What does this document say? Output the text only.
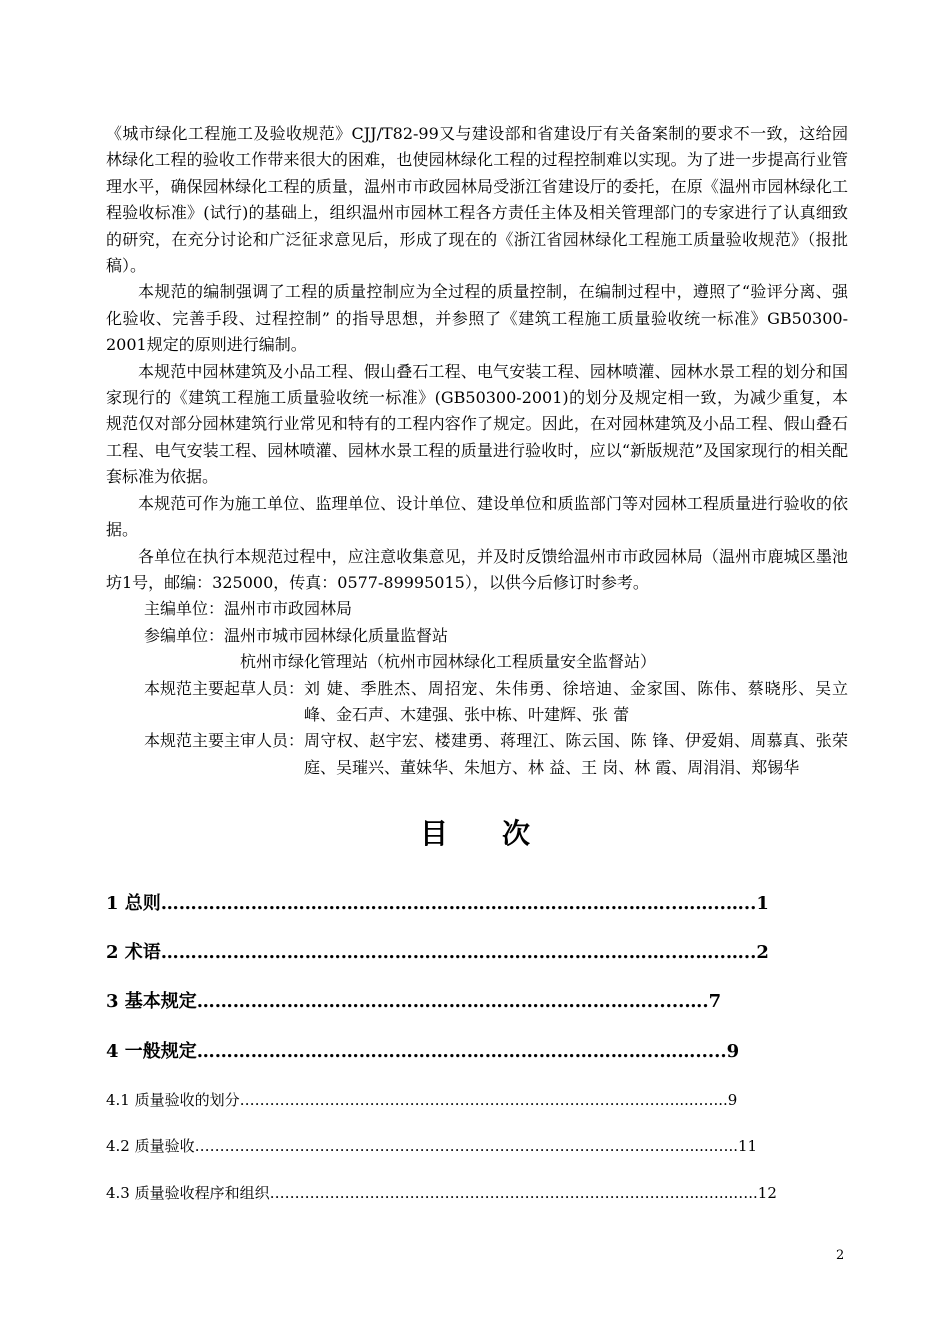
《城市绿化工程施工及验收规范》CJJ/T82-99又与建设部和省建设厅有关备案制的要求不一致，这给园林绿化工程的验收工作带来很大的困难，也使园林绿化工程的过程控制难以实现。为了进一步提高行业管理水平，确保园林绿化工程的质量，温州市市政园林局受浙江省建设厅的委托，在原《温州市园林绿化工程验收标准》(试行)的基础上，组织温州市园林工程各方责任主体及相关管理部门的专家进行了认真细致的研究，在充分讨论和广泛征求意见后，形成了现在的《浙江省园林绿化工程施工质量验收规范》（报批稿）。

本规范的编制强调了工程的质量控制应为全过程的质量控制，在编制过程中，遵照了“验评分离、强化验收、完善手段、过程控制” 的指导思想，并参照了《建筑工程施工质量验收统一标准》GB50300-2001规定的原则进行编制。

本规范中园林建筑及小品工程、假山叠石工程、电气安装工程、园林喷灌、园林水景工程的划分和国家现行的《建筑工程施工质量验收统一标准》(GB50300-2001)的划分及规定相一致，为减少重复，本规范仅对部分园林建筑行业常见和特有的工程内容作了规定。因此，在对园林建筑及小品工程、假山叠石工程、电气安装工程、园林喷灌、园林水景工程的质量进行验收时，应以“新版规范”及国家现行的相关配套标准为依据。

本规范可作为施工单位、监理单位、设计单位、建设单位和质监部门等对园林工程质量进行验收的依据。

各单位在执行本规范过程中，应注意收集意见，并及时反馈给温州市市政园林局（温州市鹿城区墨池坊1号，邮编：325000，传真：0577-89995015），以供今后修订时参考。

主编单位： 温州市市政园林局
参编单位： 温州市城市园林绿化质量监督站
杭州市绿化管理站（杭州市园林绿化工程质量安全监督站）
本规范主要起草人员： 刘 婕、季胜杰、周招宠、朱伟勇、徐培迪、金家国、陈伟、蔡晓彤、吴立峰、金石声、木建强、张中栋、叶建辉、张 蕾
本规范主要主审人员： 周守权、赵宇宏、楼建勇、蒋理江、陈云国、陈 锋、伊爱娟、周慕真、张荣庭、吴璀兴、董妹华、朱旭方、林 益、王 岗、林 霞、周涓涓、郑锡华
目次
1 总则…………………………………………………………………………..……..…..1
2 术语…………………………………………………………………………..……..…..2
3 基本规定…………………………………………………………………......….7
4 一般规定…………………………………………………………………..…….....9
4.1 质量验收的划分…………………………………………………………………………….....…...9
4.2 质量验收……………………………………………………………………………………….....…..11
4.3 质量验收程序和组织…………………………………………………………………………...…...…..12
2
